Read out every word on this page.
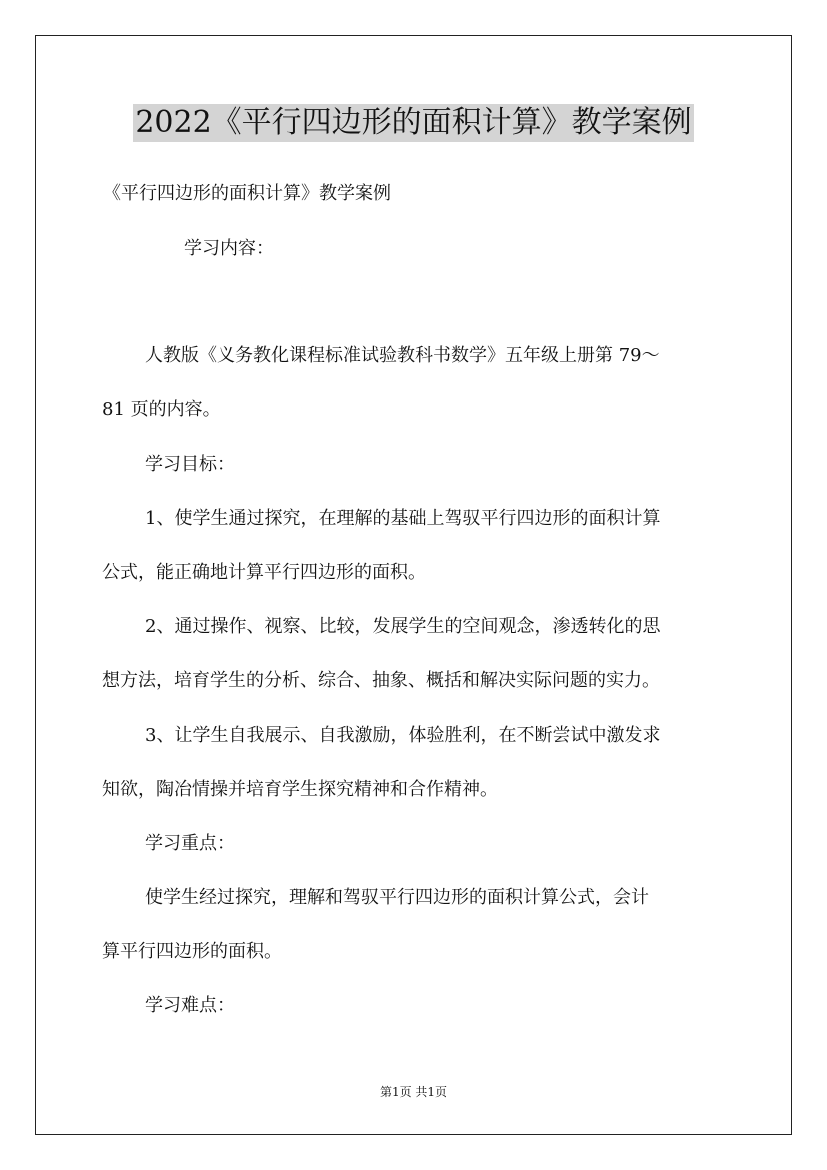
2022《平行四边形的面积计算》教学案例
《平行四边形的面积计算》教学案例
学习内容：
人教版《义务教化课程标准试验教科书数学》五年级上册第 79～
81 页的内容。
学习目标：
1、使学生通过探究，在理解的基础上驾驭平行四边形的面积计算
公式，能正确地计算平行四边形的面积。
2、通过操作、视察、比较，发展学生的空间观念，渗透转化的思
想方法，培育学生的分析、综合、抽象、概括和解决实际问题的实力。
3、让学生自我展示、自我激励，体验胜利，在不断尝试中激发求
知欲，陶冶情操并培育学生探究精神和合作精神。
学习重点：
使学生经过探究，理解和驾驭平行四边形的面积计算公式，会计
算平行四边形的面积。
学习难点：
第1页 共1页
